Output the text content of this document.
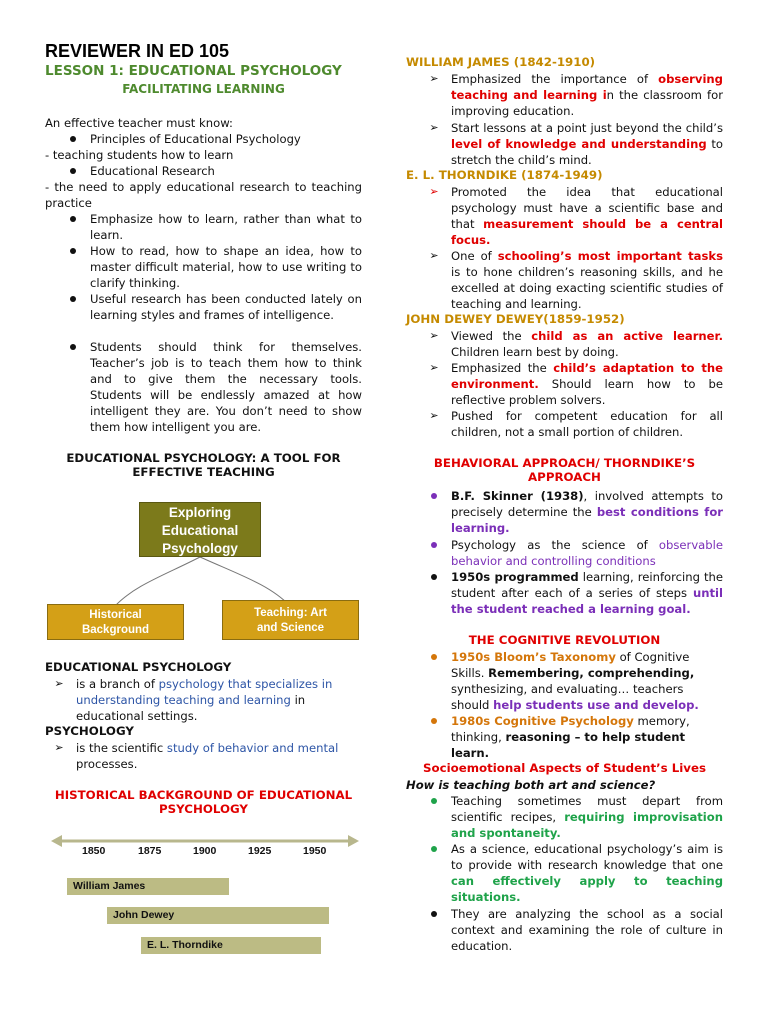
REVIEWER IN ED 105
LESSON 1: EDUCATIONAL PSYCHOLOGY
FACILITATING LEARNING
An effective teacher must know:
Principles of Educational Psychology
- teaching students how to learn
Educational Research
- the need to apply educational research to teaching practice
Emphasize how to learn, rather than what to learn.
How to read, how to shape an idea, how to master difficult material, how to use writing to clarify thinking.
Useful research has been conducted lately on learning styles and frames of intelligence.
Students should think for themselves. Teacher’s job is to teach them how to think and to give them the necessary tools. Students will be endlessly amazed at how intelligent they are. You don’t need to show them how intelligent you are.
EDUCATIONAL PSYCHOLOGY: A TOOL FOR EFFECTIVE TEACHING
Exploring Educational Psychology
Historical Background
Teaching: Art and Science
EDUCATIONAL PSYCHOLOGY
➢ is a branch of psychology that specializes in understanding teaching and learning in educational settings.
PSYCHOLOGY
➢ is the scientific study of behavior and mental processes.
HISTORICAL BACKGROUND OF EDUCATIONAL PSYCHOLOGY
1850	1875	1900	1925	1950
William James
John Dewey
E. L. Thorndike
WILLIAM JAMES (1842-1910)
➢ Emphasized the importance of observing teaching and learning in the classroom for improving education.
➢ Start lessons at a point just beyond the child’s level of knowledge and understanding to stretch the child’s mind.
E. L. THORNDIKE (1874-1949)
➢ Promoted the idea that educational psychology must have a scientific base and that measurement should be a central focus.
➢ One of schooling’s most important tasks is to hone children’s reasoning skills, and he excelled at doing exacting scientific studies of teaching and learning.
JOHN DEWEY DEWEY(1859-1952)
➢ Viewed the child as an active learner. Children learn best by doing.
➢ Emphasized the child’s adaptation to the environment. Should learn how to be reflective problem solvers.
➢ Pushed for competent education for all children, not a small portion of children.
BEHAVIORAL APPROACH/ THORNDIKE’S APPROACH
B.F. Skinner (1938), involved attempts to precisely determine the best conditions for learning.
Psychology as the science of observable behavior and controlling conditions
1950s programmed learning, reinforcing the student after each of a series of steps until the student reached a learning goal.
THE COGNITIVE REVOLUTION
1950s Bloom’s Taxonomy of Cognitive Skills. Remembering, comprehending, synthesizing, and evaluating… teachers should help students use and develop.
1980s Cognitive Psychology memory, thinking, reasoning – to help student learn.
Socioemotional Aspects of Student’s Lives
How is teaching both art and science?
Teaching sometimes must depart from scientific recipes, requiring improvisation and spontaneity.
As a science, educational psychology’s aim is to provide with research knowledge that one can effectively apply to teaching situations.
They are analyzing the school as a social context and examining the role of culture in education.
